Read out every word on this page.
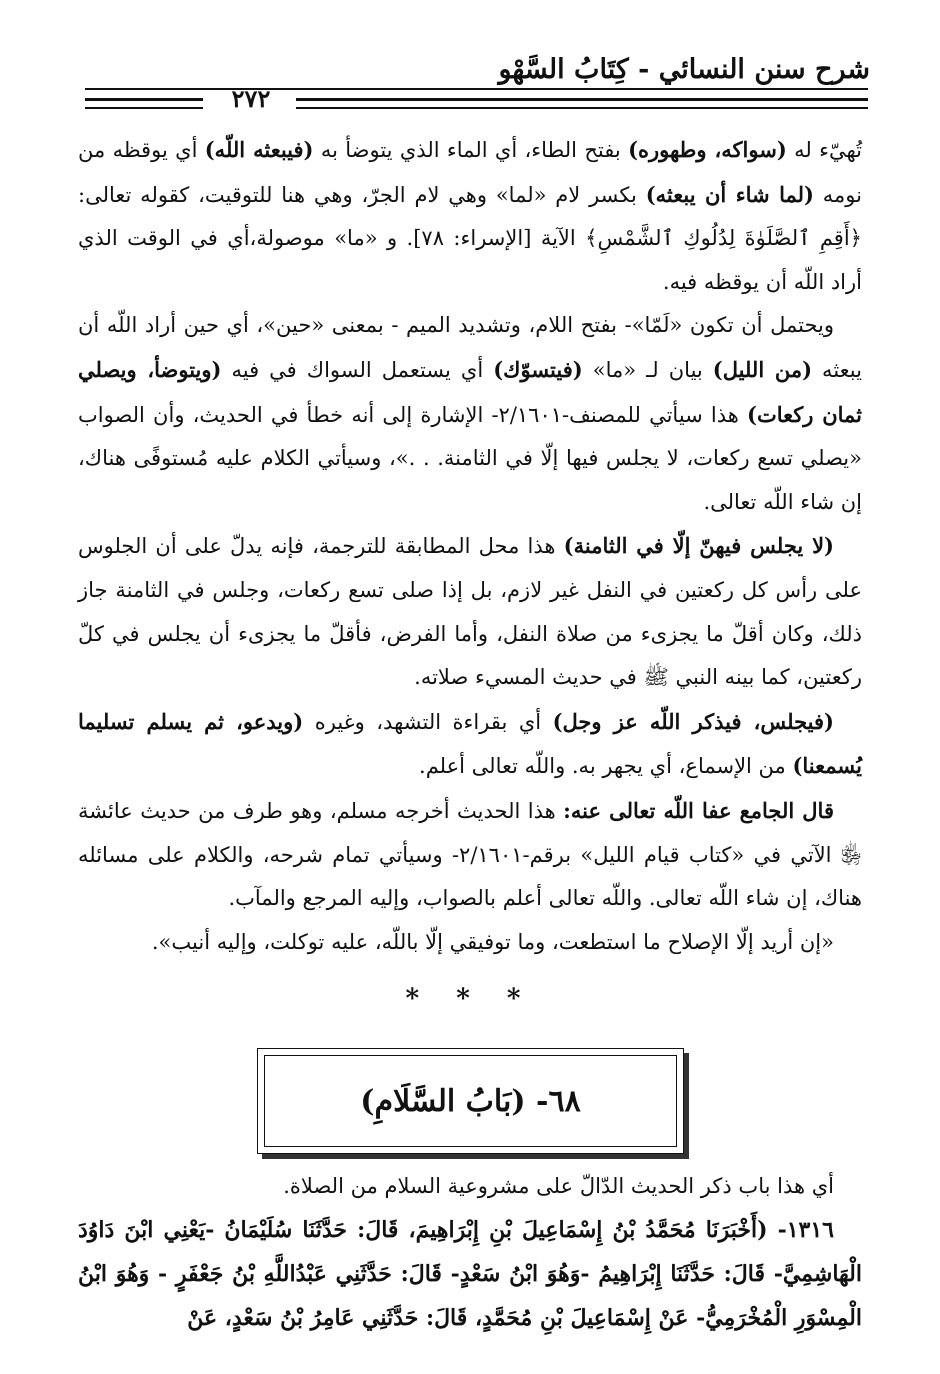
شرح سنن النسائي - كِتَابُ السَّهْو
٢٧٢

تُهيّء له (سواكه، وطهوره) بفتح الطاء، أي الماء الذي يتوضأ به (فيبعثه اللّه) أي يوقظه من نومه (لما شاء أن يبعثه) بكسر لام «لما» وهي لام الجرّ، وهي هنا للتوقيت، كقوله تعالى: ﴿أَقِمِ ٱلصَّلَوٰةَ لِدُلُوكِ ٱلشَّمْسِ﴾ الآية [الإسراء: ٧٨]. و «ما» موصولة،أي في الوقت الذي أراد اللّه أن يوقظه فيه.

ويحتمل أن تكون «لَمّا»- بفتح اللام، وتشديد الميم - بمعنى «حين»، أي حين أراد اللّه أن يبعثه (من الليل) بيان لـ «ما» (فيتسوّك) أي يستعمل السواك في فيه (ويتوضأ، ويصلي ثمان ركعات) هذا سيأتي للمصنف-٢/١٦٠١- الإشارة إلى أنه خطأ في الحديث، وأن الصواب «يصلي تسع ركعات، لا يجلس فيها إلّا في الثامنة. . .»، وسيأتي الكلام عليه مُستوفًى هناك، إن شاء اللّه تعالى.

(لا يجلس فيهنّ إلّا في الثامنة) هذا محل المطابقة للترجمة، فإنه يدلّ على أن الجلوس على رأس كل ركعتين في النفل غير لازم، بل إذا صلى تسع ركعات، وجلس في الثامنة جاز ذلك، وكان أقلّ ما يجزىء من صلاة النفل، وأما الفرض، فأقلّ ما يجزىء أن يجلس في كلّ ركعتين، كما بينه النبي ﷺ في حديث المسيء صلاته.

(فيجلس، فيذكر اللّه عز وجل) أي بقراءة التشهد، وغيره (ويدعو، ثم يسلم تسليما يُسمعنا) من الإسماع، أي يجهر به. واللّه تعالى أعلم.

قال الجامع عفا اللّه تعالى عنه: هذا الحديث أخرجه مسلم، وهو طرف من حديث عائشة ﵂ الآتي في «كتاب قيام الليل» برقم-٢/١٦٠١- وسيأتي تمام شرحه، والكلام على مسائله هناك، إن شاء اللّه تعالى. واللّه تعالى أعلم بالصواب، وإليه المرجع والمآب.

«إن أريد إلّا الإصلاح ما استطعت، وما توفيقي إلّا باللّه، عليه توكلت، وإليه أنيب».

* * *
٦٨- (بَابُ السَّلَامِ)

أي هذا باب ذكر الحديث الدّالّ على مشروعية السلام من الصلاة.

١٣١٦- (أَخْبَرَنَا مُحَمَّدُ بْنُ إِسْمَاعِيلَ بْنِ إِبْرَاهِيمَ، قَالَ: حَدَّثَنَا سُلَيْمَانُ -يَعْنِي ابْنَ دَاوُدَ الْهَاشِمِيَّ- قَالَ: حَدَّثَنَا إِبْرَاهِيمُ -وَهُوَ ابْنُ سَعْدٍ- قَالَ: حَدَّثَنِي عَبْدُاللَّهِ بْنُ جَعْفَرٍ - وَهُوَ ابْنُ الْمِسْوَرِ الْمُخْرَمِيُّ- عَنْ إِسْمَاعِيلَ بْنِ مُحَمَّدٍ، قَالَ: حَدَّثَنِي عَامِرُ بْنُ سَعْدٍ، عَنْ
